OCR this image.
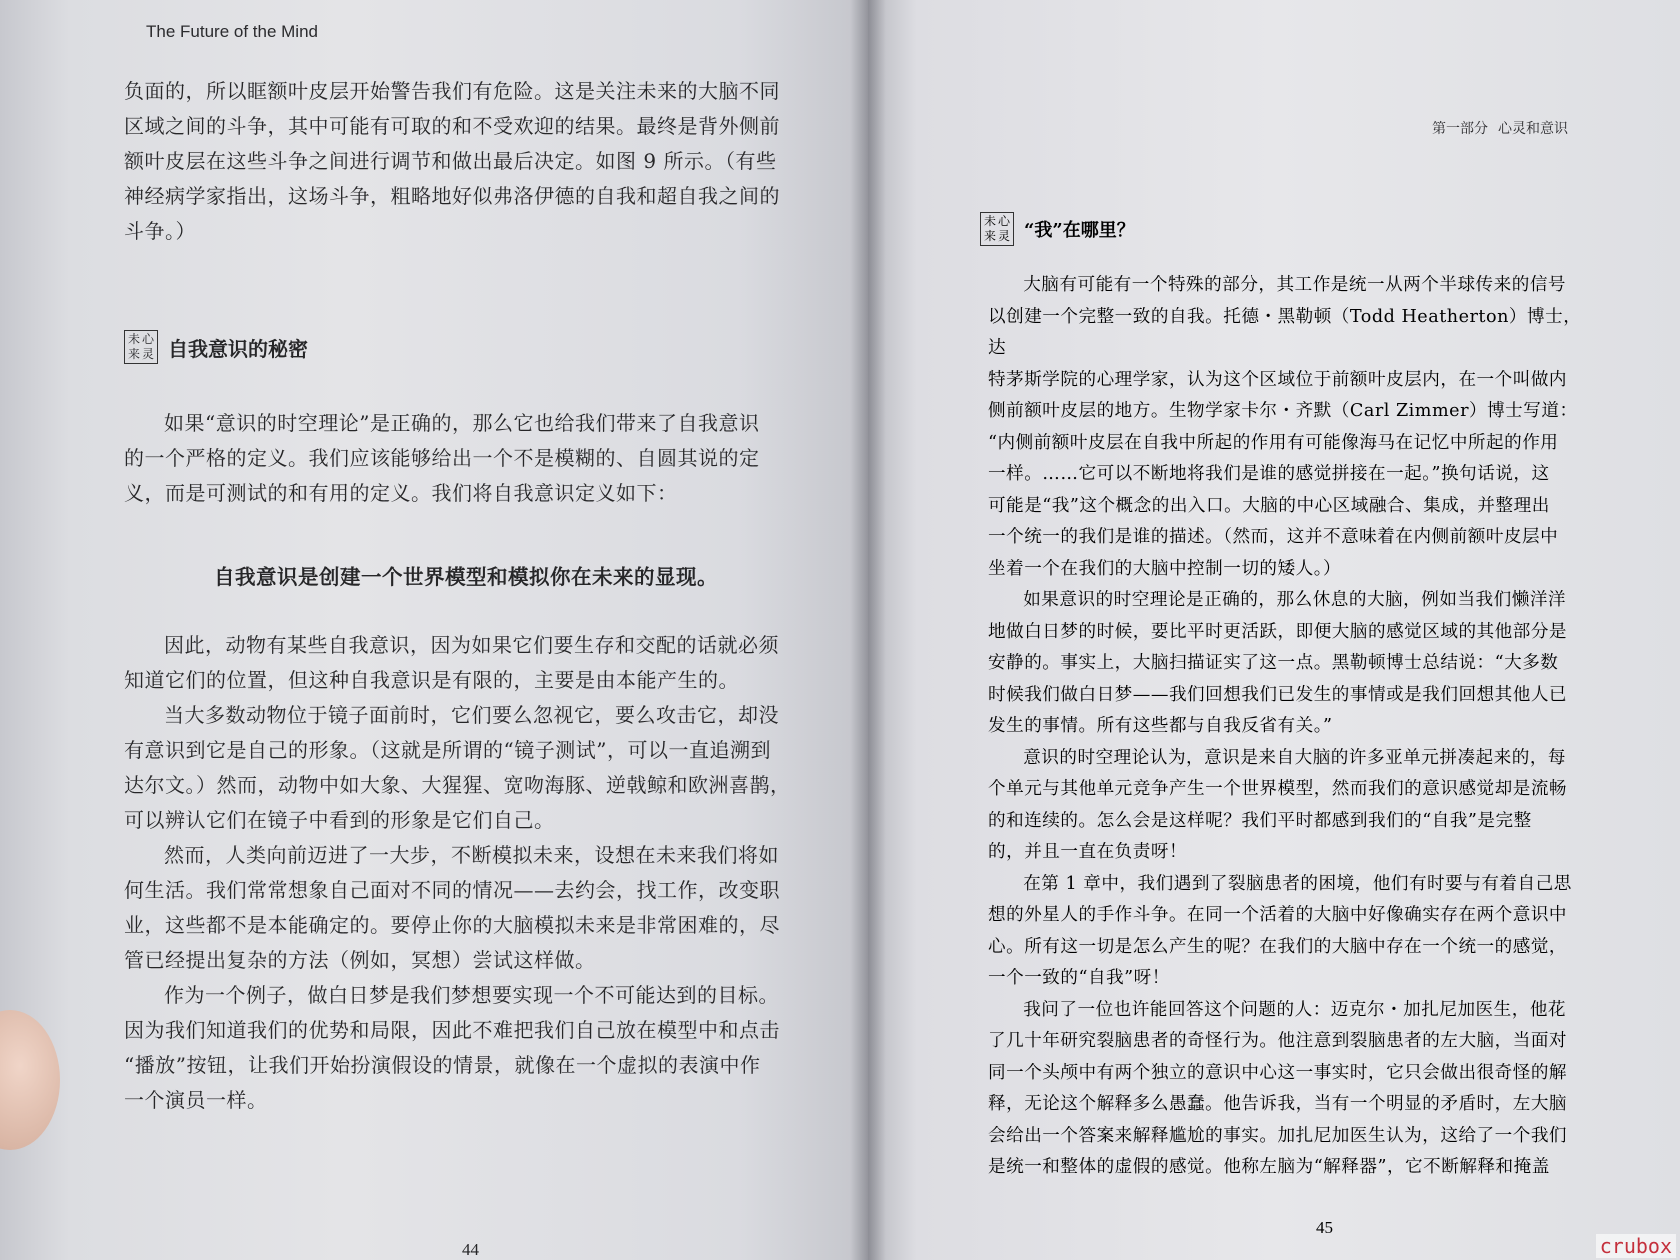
The Future of the Mind

负面的，所以眶额叶皮层开始警告我们有危险。这是关注未来的大脑不同

区域之间的斗争，其中可能有可取的和不受欢迎的结果。最终是背外侧前

额叶皮层在这些斗争之间进行调节和做出最后决定。如图 9 所示。（有些

神经病学家指出，这场斗争，粗略地好似弗洛伊德的自我和超自我之间的

斗争。）

未 心
来 灵 自我意识的秘密

如果“意识的时空理论”是正确的，那么它也给我们带来了自我意识

的一个严格的定义。我们应该能够给出一个不是模糊的、自圆其说的定

义，而是可测试的和有用的定义。我们将自我意识定义如下：

自我意识是创建一个世界模型和模拟你在未来的显现。

因此，动物有某些自我意识，因为如果它们要生存和交配的话就必须

知道它们的位置，但这种自我意识是有限的，主要是由本能产生的。

当大多数动物位于镜子面前时，它们要么忽视它，要么攻击它，却没

有意识到它是自己的形象。（这就是所谓的“镜子测试”，可以一直追溯到

达尔文。）然而，动物中如大象、大猩猩、宽吻海豚、逆戟鲸和欧洲喜鹊，

可以辨认它们在镜子中看到的形象是它们自己。

然而，人类向前迈进了一大步，不断模拟未来，设想在未来我们将如

何生活。我们常常想象自己面对不同的情况——去约会，找工作，改变职

业，这些都不是本能确定的。要停止你的大脑模拟未来是非常困难的，尽

管已经提出复杂的方法（例如，冥想）尝试这样做。

作为一个例子，做白日梦是我们梦想要实现一个不可能达到的目标。

因为我们知道我们的优势和局限，因此不难把我们自己放在模型中和点击

“播放”按钮，让我们开始扮演假设的情景，就像在一个虚拟的表演中作

一个演员一样。

44
第一部分 心灵和意识
未 心
来 灵 “我”在哪里？

大脑有可能有一个特殊的部分，其工作是统一从两个半球传来的信号

以创建一个完整一致的自我。托德・黑勒顿（Todd Heatherton）博士，达

特茅斯学院的心理学家，认为这个区域位于前额叶皮层内，在一个叫做内

侧前额叶皮层的地方。生物学家卡尔・齐默（Carl Zimmer）博士写道：

“内侧前额叶皮层在自我中所起的作用有可能像海马在记忆中所起的作用

一样。……它可以不断地将我们是谁的感觉拼接在一起。”换句话说，这

可能是“我”这个概念的出入口。大脑的中心区域融合、集成，并整理出

一个统一的我们是谁的描述。（然而，这并不意味着在内侧前额叶皮层中

坐着一个在我们的大脑中控制一切的矮人。）

如果意识的时空理论是正确的，那么休息的大脑，例如当我们懒洋洋

地做白日梦的时候，要比平时更活跃，即便大脑的感觉区域的其他部分是

安静的。事实上，大脑扫描证实了这一点。黑勒顿博士总结说：“大多数

时候我们做白日梦——我们回想我们已发生的事情或是我们回想其他人已

发生的事情。所有这些都与自我反省有关。”

意识的时空理论认为，意识是来自大脑的许多亚单元拼凑起来的，每

个单元与其他单元竞争产生一个世界模型，然而我们的意识感觉却是流畅

的和连续的。怎么会是这样呢？我们平时都感到我们的“自我”是完整

的，并且一直在负责呀！

在第 1 章中，我们遇到了裂脑患者的困境，他们有时要与有着自己思

想的外星人的手作斗争。在同一个活着的大脑中好像确实存在两个意识中

心。所有这一切是怎么产生的呢？在我们的大脑中存在一个统一的感觉，

一个一致的“自我”呀！

我问了一位也许能回答这个问题的人：迈克尔・加扎尼加医生，他花

了几十年研究裂脑患者的奇怪行为。他注意到裂脑患者的左大脑，当面对

同一个头颅中有两个独立的意识中心这一事实时，它只会做出很奇怪的解

释，无论这个解释多么愚蠢。他告诉我，当有一个明显的矛盾时，左大脑

会给出一个答案来解释尴尬的事实。加扎尼加医生认为，这给了一个我们

是统一和整体的虚假的感觉。他称左脑为“解释器”，它不断解释和掩盖

45
crubox
